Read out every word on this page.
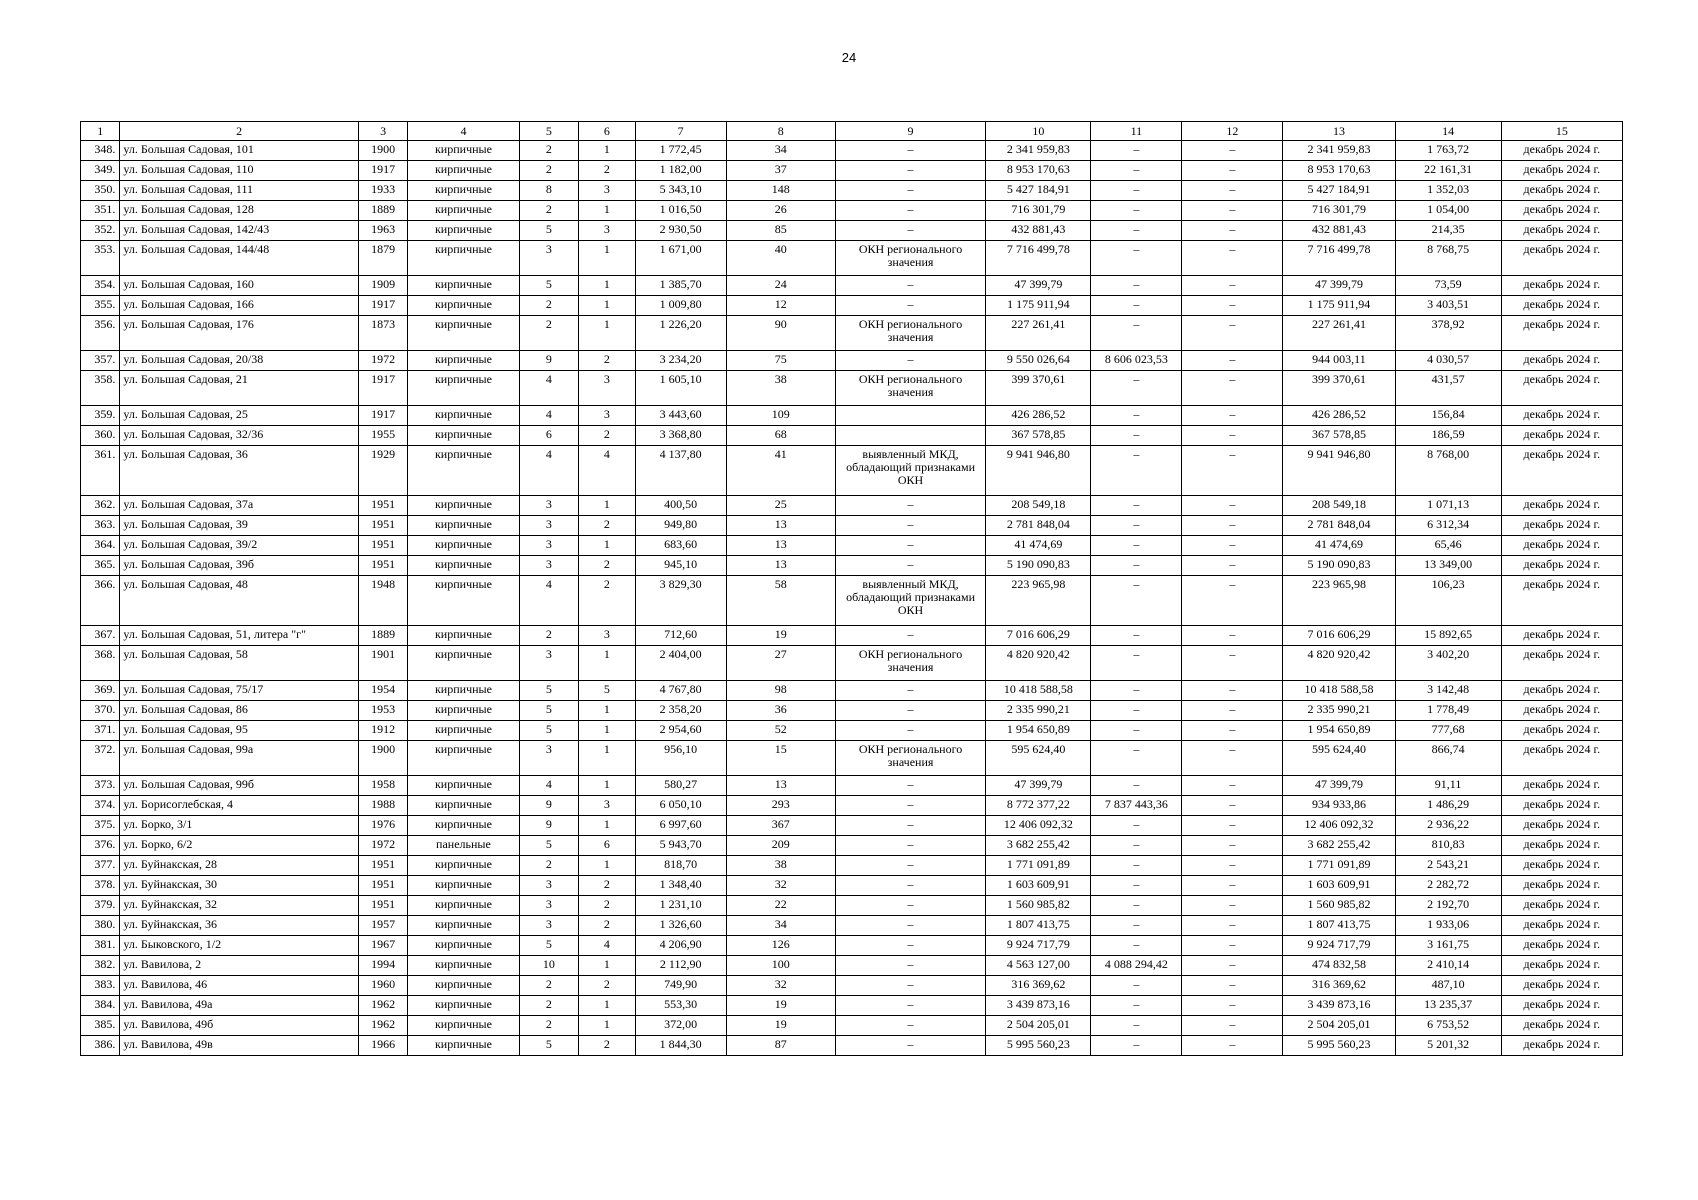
24
1	2	3	4	5	6	7	8	9	10	11	12	13	14	15
348.	ул. Большая Садовая, 101	1900	кирпичные	2	1	1 772,45	34	–	2 341 959,83	–	–	2 341 959,83	1 763,72	декабрь 2024 г.
349.	ул. Большая Садовая, 110	1917	кирпичные	2	2	1 182,00	37	–	8 953 170,63	–	–	8 953 170,63	22 161,31	декабрь 2024 г.
350.	ул. Большая Садовая, 111	1933	кирпичные	8	3	5 343,10	148	–	5 427 184,91	–	–	5 427 184,91	1 352,03	декабрь 2024 г.
351.	ул. Большая Садовая, 128	1889	кирпичные	2	1	1 016,50	26	–	716 301,79	–	–	716 301,79	1 054,00	декабрь 2024 г.
352.	ул. Большая Садовая, 142/43	1963	кирпичные	5	3	2 930,50	85	–	432 881,43	–	–	432 881,43	214,35	декабрь 2024 г.
353.	ул. Большая Садовая, 144/48	1879	кирпичные	3	1	1 671,00	40	ОКН регионального значения	7 716 499,78	–	–	7 716 499,78	8 768,75	декабрь 2024 г.
354.	ул. Большая Садовая, 160	1909	кирпичные	5	1	1 385,70	24	–	47 399,79	–	–	47 399,79	73,59	декабрь 2024 г.
355.	ул. Большая Садовая, 166	1917	кирпичные	2	1	1 009,80	12	–	1 175 911,94	–	–	1 175 911,94	3 403,51	декабрь 2024 г.
356.	ул. Большая Садовая, 176	1873	кирпичные	2	1	1 226,20	90	ОКН регионального значения	227 261,41	–	–	227 261,41	378,92	декабрь 2024 г.
357.	ул. Большая Садовая, 20/38	1972	кирпичные	9	2	3 234,20	75	–	9 550 026,64	8 606 023,53	–	944 003,11	4 030,57	декабрь 2024 г.
358.	ул. Большая Садовая, 21	1917	кирпичные	4	3	1 605,10	38	ОКН регионального значения	399 370,61	–	–	399 370,61	431,57	декабрь 2024 г.
359.	ул. Большая Садовая, 25	1917	кирпичные	4	3	3 443,60	109		426 286,52	–	–	426 286,52	156,84	декабрь 2024 г.
360.	ул. Большая Садовая, 32/36	1955	кирпичные	6	2	3 368,80	68		367 578,85	–	–	367 578,85	186,59	декабрь 2024 г.
361.	ул. Большая Садовая, 36	1929	кирпичные	4	4	4 137,80	41	выявленный МКД, обладающий признаками ОКН	9 941 946,80	–	–	9 941 946,80	8 768,00	декабрь 2024 г.
362.	ул. Большая Садовая, 37а	1951	кирпичные	3	1	400,50	25	–	208 549,18	–	–	208 549,18	1 071,13	декабрь 2024 г.
363.	ул. Большая Садовая, 39	1951	кирпичные	3	2	949,80	13	–	2 781 848,04	–	–	2 781 848,04	6 312,34	декабрь 2024 г.
364.	ул. Большая Садовая, 39/2	1951	кирпичные	3	1	683,60	13	–	41 474,69	–	–	41 474,69	65,46	декабрь 2024 г.
365.	ул. Большая Садовая, 39б	1951	кирпичные	3	2	945,10	13	–	5 190 090,83	–	–	5 190 090,83	13 349,00	декабрь 2024 г.
366.	ул. Большая Садовая, 48	1948	кирпичные	4	2	3 829,30	58	выявленный МКД, обладающий признаками ОКН	223 965,98	–	–	223 965,98	106,23	декабрь 2024 г.
367.	ул. Большая Садовая, 51, литера "г"	1889	кирпичные	2	3	712,60	19	–	7 016 606,29	–	–	7 016 606,29	15 892,65	декабрь 2024 г.
368.	ул. Большая Садовая, 58	1901	кирпичные	3	1	2 404,00	27	ОКН регионального значения	4 820 920,42	–	–	4 820 920,42	3 402,20	декабрь 2024 г.
369.	ул. Большая Садовая, 75/17	1954	кирпичные	5	5	4 767,80	98	–	10 418 588,58	–	–	10 418 588,58	3 142,48	декабрь 2024 г.
370.	ул. Большая Садовая, 86	1953	кирпичные	5	1	2 358,20	36	–	2 335 990,21	–	–	2 335 990,21	1 778,49	декабрь 2024 г.
371.	ул. Большая Садовая, 95	1912	кирпичные	5	1	2 954,60	52	–	1 954 650,89	–	–	1 954 650,89	777,68	декабрь 2024 г.
372.	ул. Большая Садовая, 99а	1900	кирпичные	3	1	956,10	15	ОКН регионального значения	595 624,40	–	–	595 624,40	866,74	декабрь 2024 г.
373.	ул. Большая Садовая, 99б	1958	кирпичные	4	1	580,27	13	–	47 399,79	–	–	47 399,79	91,11	декабрь 2024 г.
374.	ул. Борисоглебская, 4	1988	кирпичные	9	3	6 050,10	293	–	8 772 377,22	7 837 443,36	–	934 933,86	1 486,29	декабрь 2024 г.
375.	ул. Борко, 3/1	1976	кирпичные	9	1	6 997,60	367	–	12 406 092,32	–	–	12 406 092,32	2 936,22	декабрь 2024 г.
376.	ул. Борко, 6/2	1972	панельные	5	6	5 943,70	209	–	3 682 255,42	–	–	3 682 255,42	810,83	декабрь 2024 г.
377.	ул. Буйнакская, 28	1951	кирпичные	2	1	818,70	38	–	1 771 091,89	–	–	1 771 091,89	2 543,21	декабрь 2024 г.
378.	ул. Буйнакская, 30	1951	кирпичные	3	2	1 348,40	32	–	1 603 609,91	–	–	1 603 609,91	2 282,72	декабрь 2024 г.
379.	ул. Буйнакская, 32	1951	кирпичные	3	2	1 231,10	22	–	1 560 985,82	–	–	1 560 985,82	2 192,70	декабрь 2024 г.
380.	ул. Буйнакская, 36	1957	кирпичные	3	2	1 326,60	34	–	1 807 413,75	–	–	1 807 413,75	1 933,06	декабрь 2024 г.
381.	ул. Быковского, 1/2	1967	кирпичные	5	4	4 206,90	126	–	9 924 717,79	–	–	9 924 717,79	3 161,75	декабрь 2024 г.
382.	ул. Вавилова, 2	1994	кирпичные	10	1	2 112,90	100	–	4 563 127,00	4 088 294,42	–	474 832,58	2 410,14	декабрь 2024 г.
383.	ул. Вавилова, 46	1960	кирпичные	2	2	749,90	32	–	316 369,62	–	–	316 369,62	487,10	декабрь 2024 г.
384.	ул. Вавилова, 49а	1962	кирпичные	2	1	553,30	19	–	3 439 873,16	–	–	3 439 873,16	13 235,37	декабрь 2024 г.
385.	ул. Вавилова, 49б	1962	кирпичные	2	1	372,00	19	–	2 504 205,01	–	–	2 504 205,01	6 753,52	декабрь 2024 г.
386.	ул. Вавилова, 49в	1966	кирпичные	5	2	1 844,30	87	–	5 995 560,23	–	–	5 995 560,23	5 201,32	декабрь 2024 г.
